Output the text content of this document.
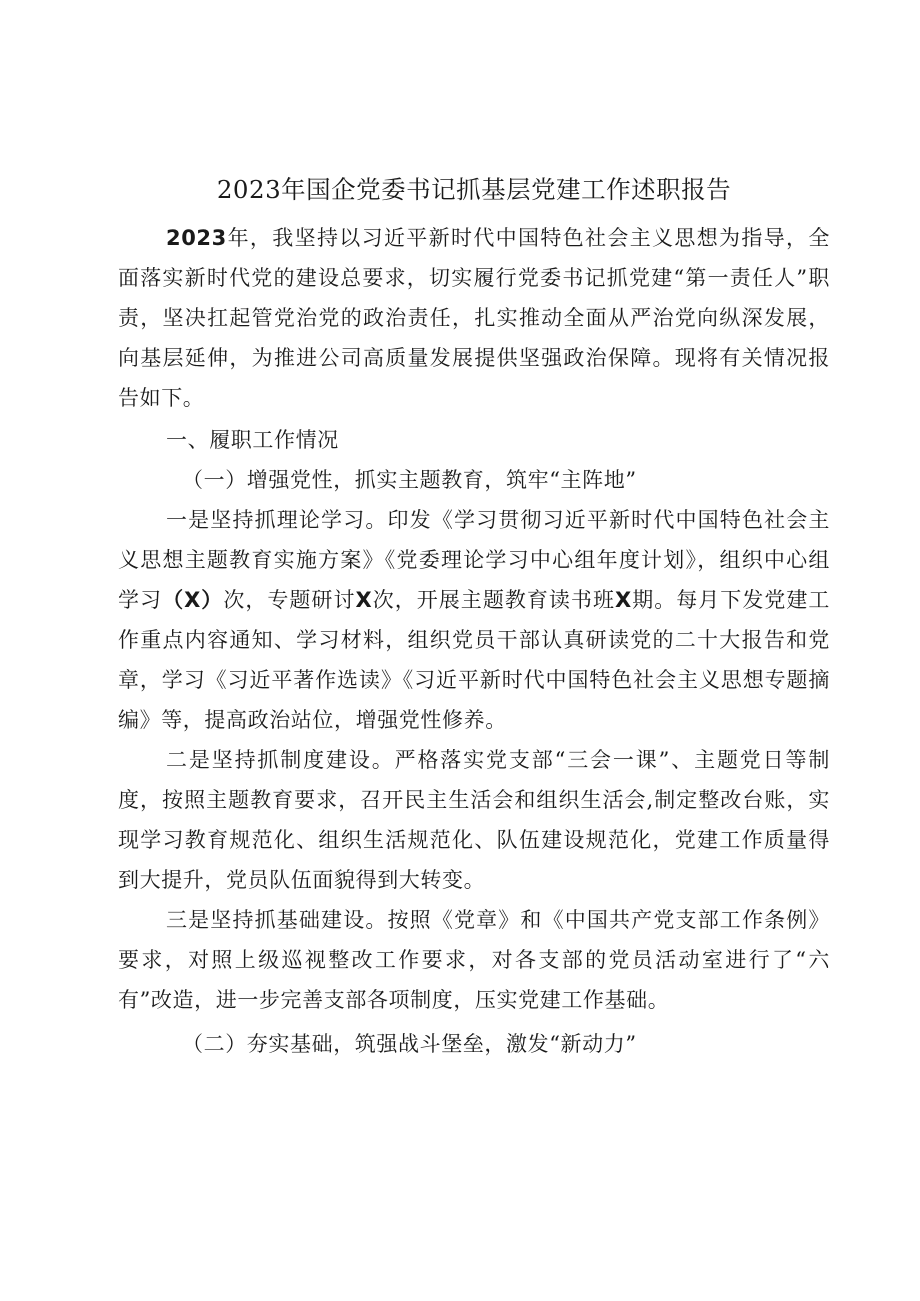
2023年国企党委书记抓基层党建工作述职报告

2023年，我坚持以习近平新时代中国特色社会主义思想为指导，全面落实新时代党的建设总要求，切实履行党委书记抓党建“第一责任人”职责，坚决扛起管党治党的政治责任，扎实推动全面从严治党向纵深发展，向基层延伸，为推进公司高质量发展提供坚强政治保障。现将有关情况报告如下。

一、履职工作情况

（一）增强党性，抓实主题教育，筑牢“主阵地”

一是坚持抓理论学习。印发《学习贯彻习近平新时代中国特色社会主义思想主题教育实施方案》《党委理论学习中心组年度计划》，组织中心组学习（X）次，专题研讨X次，开展主题教育读书班X期。每月下发党建工作重点内容通知、学习材料，组织党员干部认真研读党的二十大报告和党章，学习《习近平著作选读》《习近平新时代中国特色社会主义思想专题摘编》等，提高政治站位，增强党性修养。

二是坚持抓制度建设。严格落实党支部“三会一课”、主题党日等制度，按照主题教育要求，召开民主生活会和组织生活会,制定整改台账，实现学习教育规范化、组织生活规范化、队伍建设规范化，党建工作质量得到大提升，党员队伍面貌得到大转变。

三是坚持抓基础建设。按照《党章》和《中国共产党支部工作条例》要求，对照上级巡视整改工作要求，对各支部的党员活动室进行了“六有”改造，进一步完善支部各项制度，压实党建工作基础。

（二）夯实基础，筑强战斗堡垒，激发“新动力”
